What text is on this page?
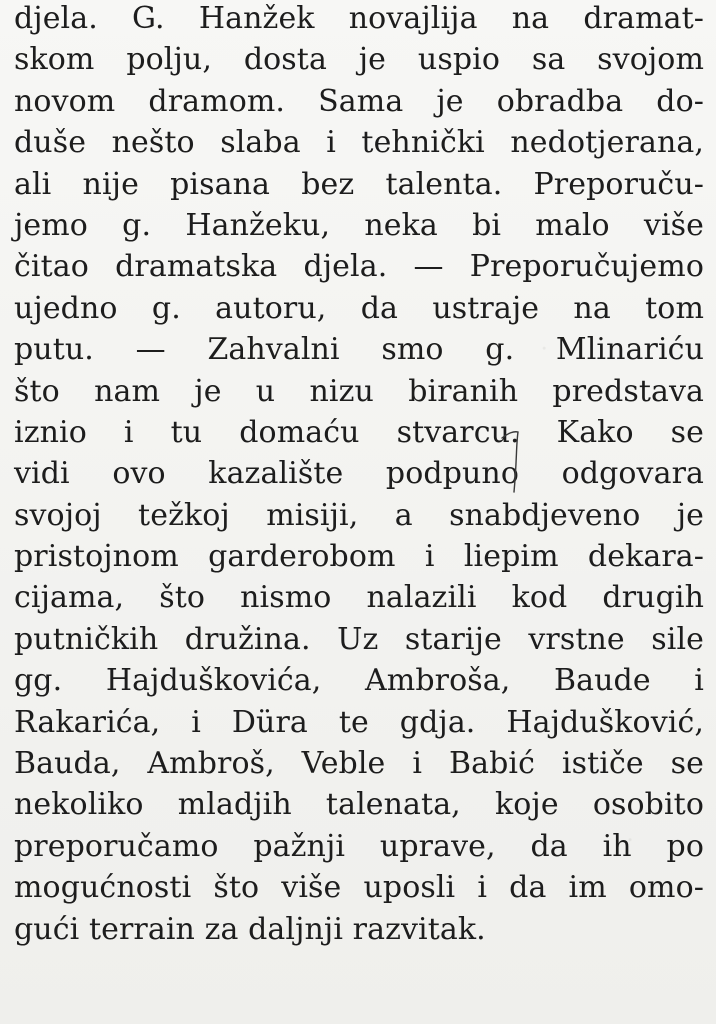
djela. G. Hanžek novajlija na dramat-
skom polju, dosta je uspio sa svojom
novom dramom. Sama je obradba do-
duše nešto slaba i tehnički nedotjerana,
ali nije pisana bez talenta. Preporuču-
jemo g. Hanžeku, neka bi malo više
čitao dramatska djela. — Preporučujemo
ujedno g. autoru, da ustraje na tom
putu. — Zahvalni smo g. Mlinariću
što nam je u nizu biranih predstava
iznio i tu domaću stvarcu. Kako se
vidi ovo kazalište podpuno odgovara
svojoj težkoj misiji, a snabdjeveno je
pristojnom garderobom i liepim dekara-
cijama, što nismo nalazili kod drugih
putničkih družina. Uz starije vrstne sile
gg. Hajduškovića, Ambroša, Baude i
Rakarića, i Düra te gdja. Hajdušković,
Bauda, Ambroš, Veble i Babić ističe se
nekoliko mladjih talenata, koje osobito
preporučamo pažnji uprave, da ih po
mogućnosti što više uposli i da im omo-
gući terrain za daljnji razvitak.
